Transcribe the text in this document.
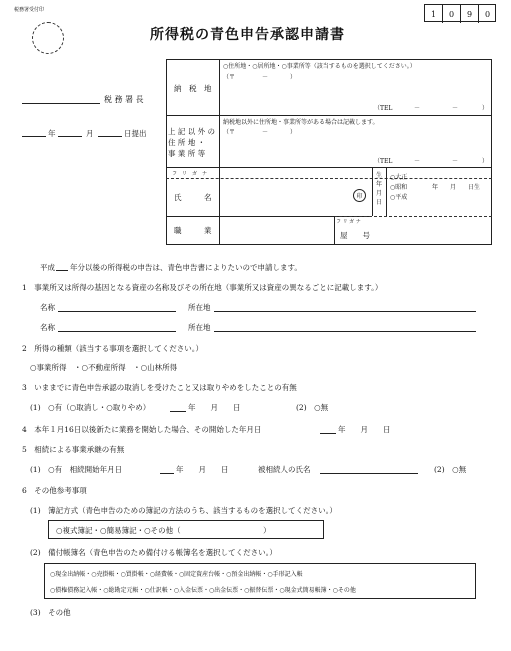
税務署受付印	1	0	9	0
所得税の青色申告承認申請書
税 務 署 長
年	月	日提出
納　税　地
○住所地・○居所地・○事業所等（該当するものを選択してください。）
（〒	－	）
（TEL	－	－	）
上 記 以 外 の
住 所 地 ・
事 業 所 等
納税地以外に住所地・事業所等がある場合は記載します。
（〒	－	）
（TEL	－	－	）
フ　リ　ガ　ナ
氏　　　名	印
生
年
月
日
○大正
○昭和
○平成
年　　月　　日生
職　　　業
フ リ ガ ナ
屋　　号
平成 年分以後の所得税の申告は、青色申告書によりたいので申請します。
1　事業所又は所得の基因となる資産の名称及びその所在地（事業所又は資産の異なるごとに記載します。）
名称	所在地
名称	所在地
2　所得の種類（該当する事項を選択してください。）
○事業所得　・○不動産所得　・○山林所得
3　いままでに青色申告承認の取消しを受けたこと又は取りやめをしたことの有無
(1)　○有（○取消し・○取りやめ）	年　　月　　日	(2)　○無
4　本年１月16日以後新たに業務を開始した場合、その開始した年月日	年　　月　　日
5　相続による事業承継の有無
(1)　○有　相続開始年月日	年　　月　　日	被相続人の氏名	(2)　○無
6　その他参考事項
(1)　簿記方式（青色申告のための簿記の方法のうち、該当するものを選択してください。）
○複式簿記・○簡易簿記・○その他（　　　　　　　　　　　）
(2)　備付帳簿名（青色申告のため備付ける帳簿名を選択してください。）
○現金出納帳・○売掛帳・○買掛帳・○経費帳・○固定資産台帳・○預金出納帳・○手形記入帳
○債権債務記入帳・○総勘定元帳・○仕訳帳・○入金伝票・○出金伝票・○振替伝票・○現金式簡易帳簿・○その他
(3)　その他
